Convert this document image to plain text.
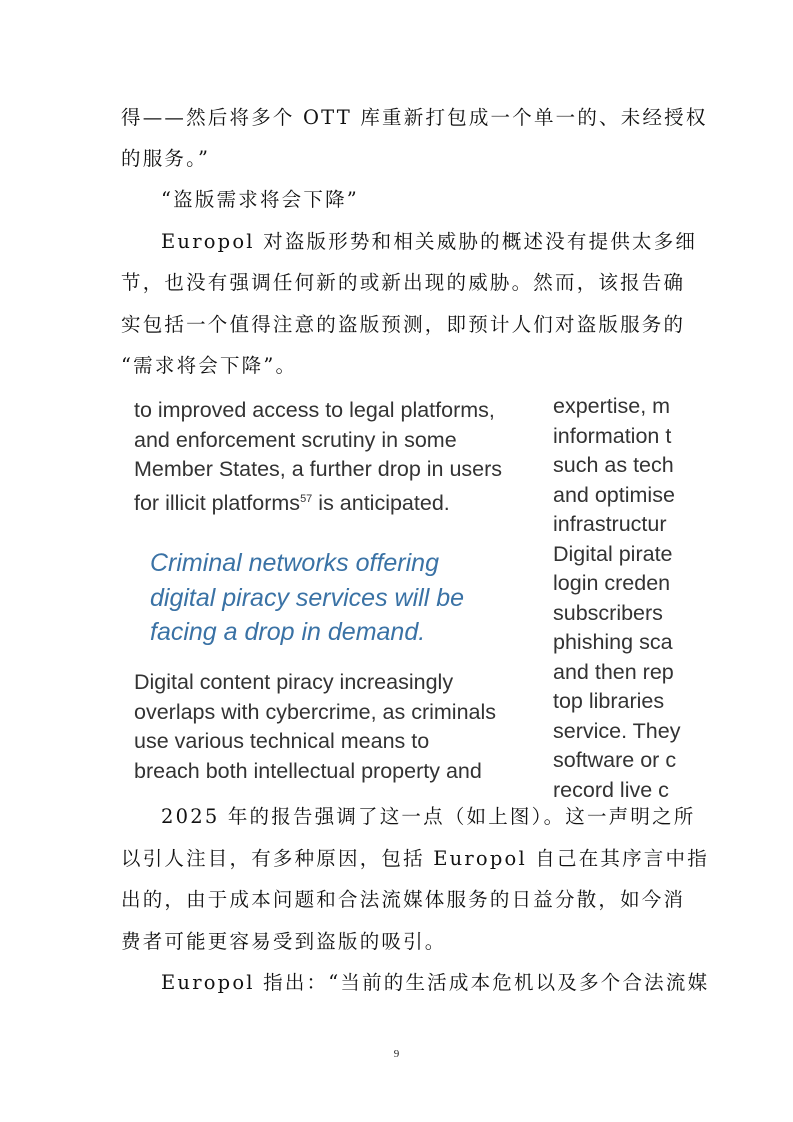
得——然后将多个 OTT 库重新打包成一个单一的、未经授权
的服务。”
“盗版需求将会下降”
Europol 对盗版形势和相关威胁的概述没有提供太多细
节，也没有强调任何新的或新出现的威胁。然而，该报告确
实包括一个值得注意的盗版预测，即预计人们对盗版服务的
“需求将会下降”。
to improved access to legal platforms,
and enforcement scrutiny in some
Member States, a further drop in users
for illicit platforms$^{57}$ is anticipated.
Criminal networks offering
digital piracy services will be
facing a drop in demand.
Digital content piracy increasingly
overlaps with cybercrime, as criminals
use various technical means to
breach both intellectual property and
expertise, m
information t
such as tech
and optimise
infrastructur
Digital pirate
login creden
subscribers
phishing sca
and then rep
top libraries
service. They
software or c
record live c
2025 年的报告强调了这一点（如上图）。这一声明之所
以引人注目，有多种原因，包括 Europol 自己在其序言中指
出的，由于成本问题和合法流媒体服务的日益分散，如今消
费者可能更容易受到盗版的吸引。
Europol 指出：“当前的生活成本危机以及多个合法流媒
9
